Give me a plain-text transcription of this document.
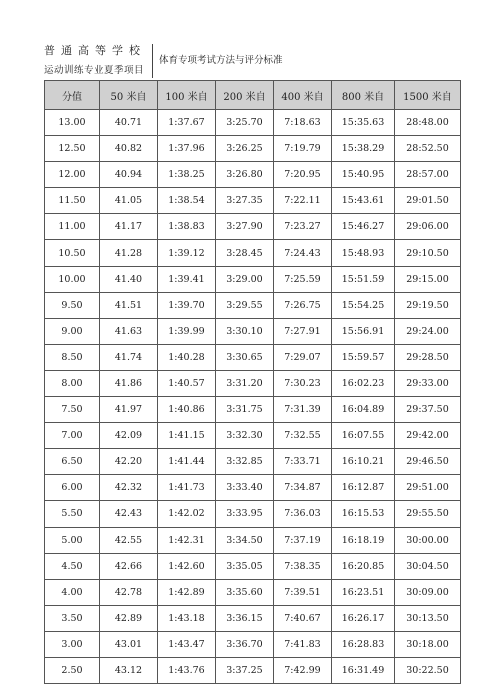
普通高等学校
运动训练专业夏季项目
体育专项考试方法与评分标准
分值	50 米自	100 米自	200 米自	400 米自	800 米自	1500 米自
13.00	40.71	1:37.67	3:25.70	7:18.63	15:35.63	28:48.00
12.50	40.82	1:37.96	3:26.25	7:19.79	15:38.29	28:52.50
12.00	40.94	1:38.25	3:26.80	7:20.95	15:40.95	28:57.00
11.50	41.05	1:38.54	3:27.35	7:22.11	15:43.61	29:01.50
11.00	41.17	1:38.83	3:27.90	7:23.27	15:46.27	29:06.00
10.50	41.28	1:39.12	3:28.45	7:24.43	15:48.93	29:10.50
10.00	41.40	1:39.41	3:29.00	7:25.59	15:51.59	29:15.00
9.50	41.51	1:39.70	3:29.55	7:26.75	15:54.25	29:19.50
9.00	41.63	1:39.99	3:30.10	7:27.91	15:56.91	29:24.00
8.50	41.74	1:40.28	3:30.65	7:29.07	15:59.57	29:28.50
8.00	41.86	1:40.57	3:31.20	7:30.23	16:02.23	29:33.00
7.50	41.97	1:40.86	3:31.75	7:31.39	16:04.89	29:37.50
7.00	42.09	1:41.15	3:32.30	7:32.55	16:07.55	29:42.00
6.50	42.20	1:41.44	3:32.85	7:33.71	16:10.21	29:46.50
6.00	42.32	1:41.73	3:33.40	7:34.87	16:12.87	29:51.00
5.50	42.43	1:42.02	3:33.95	7:36.03	16:15.53	29:55.50
5.00	42.55	1:42.31	3:34.50	7:37.19	16:18.19	30:00.00
4.50	42.66	1:42.60	3:35.05	7:38.35	16:20.85	30:04.50
4.00	42.78	1:42.89	3:35.60	7:39.51	16:23.51	30:09.00
3.50	42.89	1:43.18	3:36.15	7:40.67	16:26.17	30:13.50
3.00	43.01	1:43.47	3:36.70	7:41.83	16:28.83	30:18.00
2.50	43.12	1:43.76	3:37.25	7:42.99	16:31.49	30:22.50
